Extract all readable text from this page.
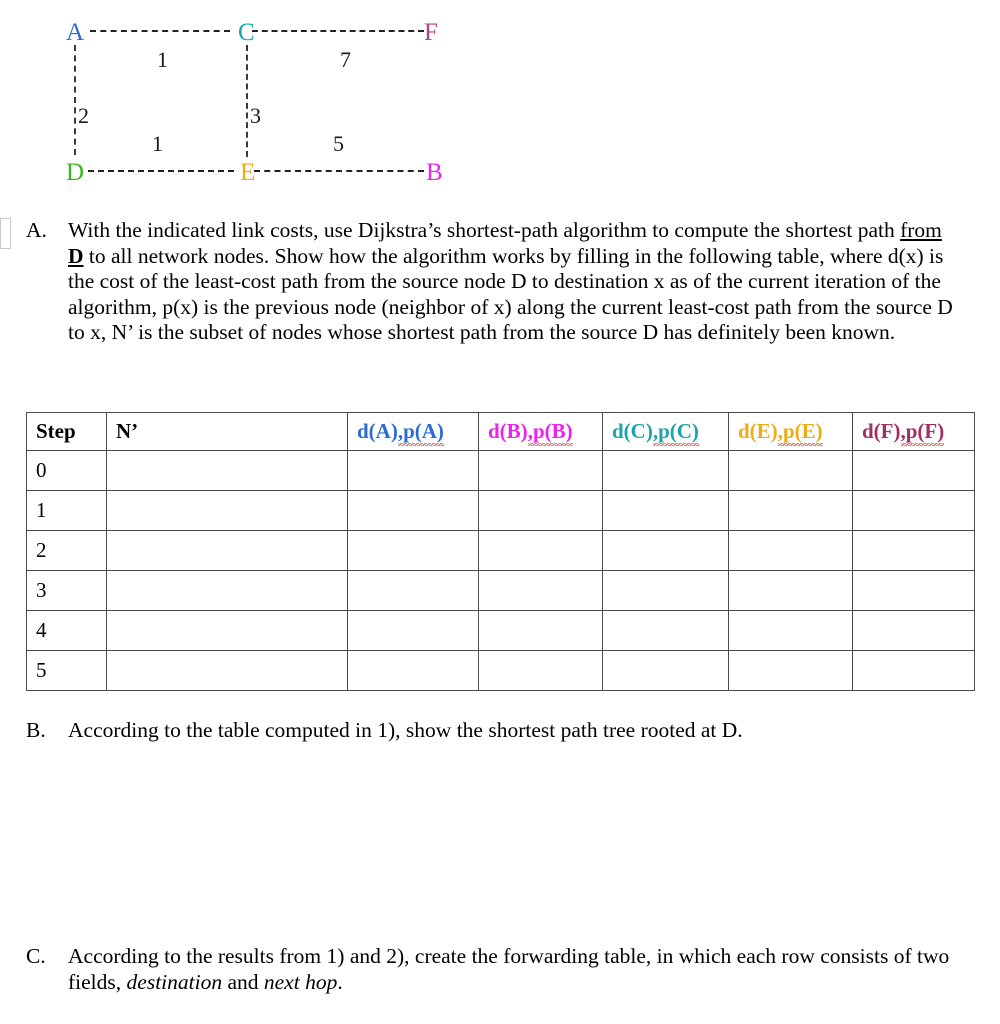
A	C	F
D	E	B
1	7
2	3
1	5
A. With the indicated link costs, use Dijkstra’s shortest-path algorithm to compute the shortest path from D to all network nodes. Show how the algorithm works by filling in the following table, where d(x) is the cost of the least-cost path from the source node D to destination x as of the current iteration of the algorithm, p(x) is the previous node (neighbor of x) along the current least-cost path from the source D to x, N’ is the subset of nodes whose shortest path from the source D has definitely been known.
Step	N’	d(A),p(A)	d(B),p(B)	d(C),p(C)	d(E),p(E)	d(F),p(F)
0						
1						
2						
3						
4						
5						
B.	According to the table computed in 1), show the shortest path tree rooted at D.
C.	According to the results from 1) and 2), create the forwarding table, in which each row consists of two fields, destination and next hop.
